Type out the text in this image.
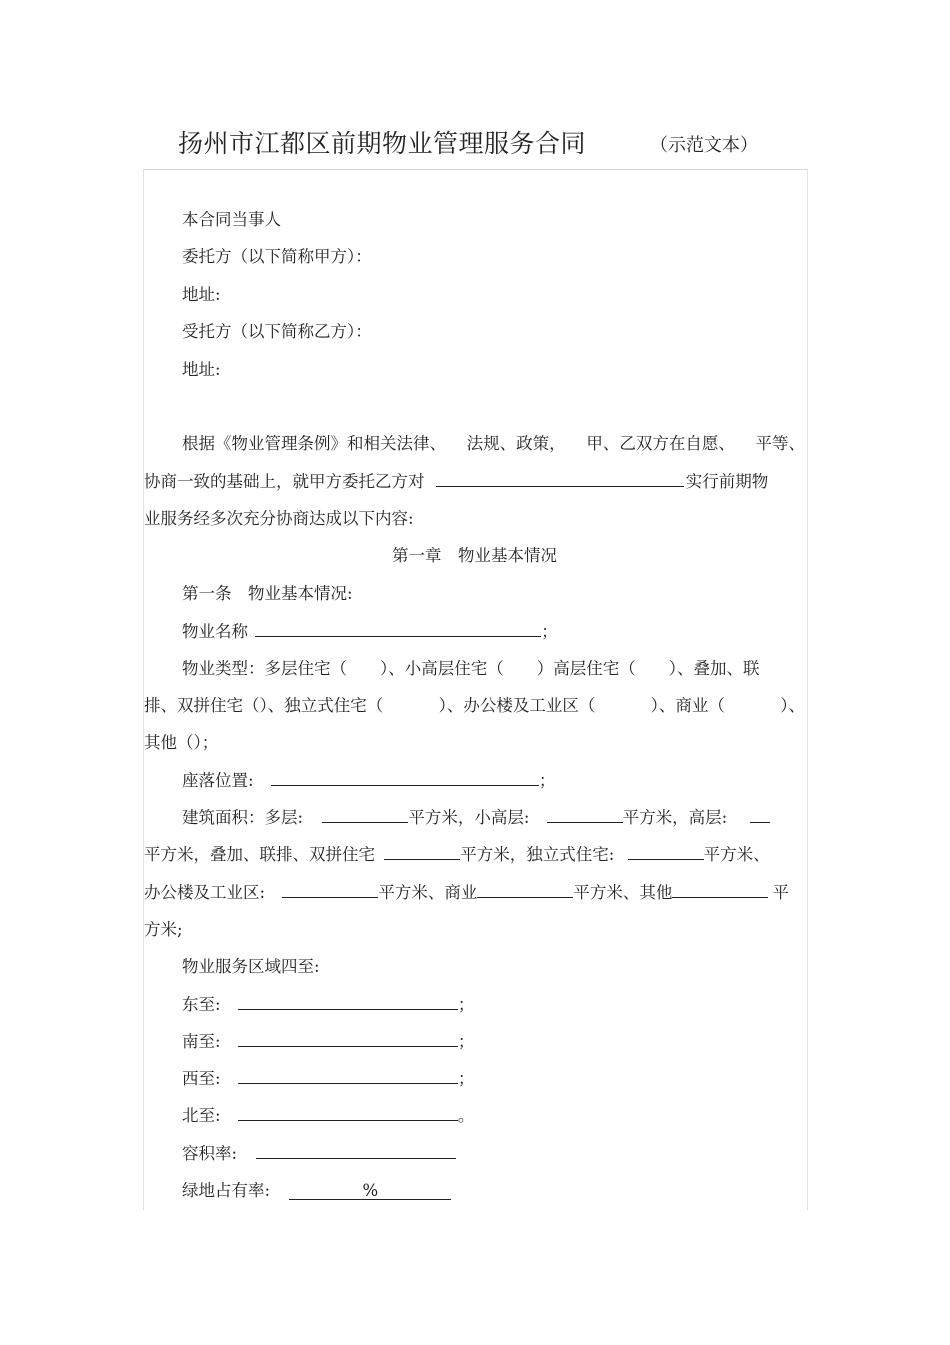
扬州市江都区前期物业管理服务合同	（示范文本）
本合同当事人
委托方（以下简称甲方）：
地址:
受托方（以下简称乙方）：
地址:
根据《物业管理条例》和相关法律、 法规、政策， 甲、乙双方在自愿、 平等、
协商一致的基础上，就甲方委托乙方对	实行前期物
业服务经多次充分协商达成以下内容:
第一章　物业基本情况
第一条　物业基本情况:
物业名称	；
物业类型：多层住宅（　　）、小高层住宅（　　）高层住宅（　　）、叠加、联
排、双拼住宅（）、独立式住宅（	）、办公楼及工业区（	）、商业（	）、
其他（）；
座落位置:	；
建筑面积：多层:	平方米，小高层:	平方米，高层:
平方米，叠加、联排、双拼住宅	平方米，独立式住宅:	平方米、
办公楼及工业区:	平方米、商业	平方米、其他	平
方米;
物业服务区域四至:
东至:	；
南至:	；
西至:	；
北至:	。
容积率:
绿地占有率:	%
